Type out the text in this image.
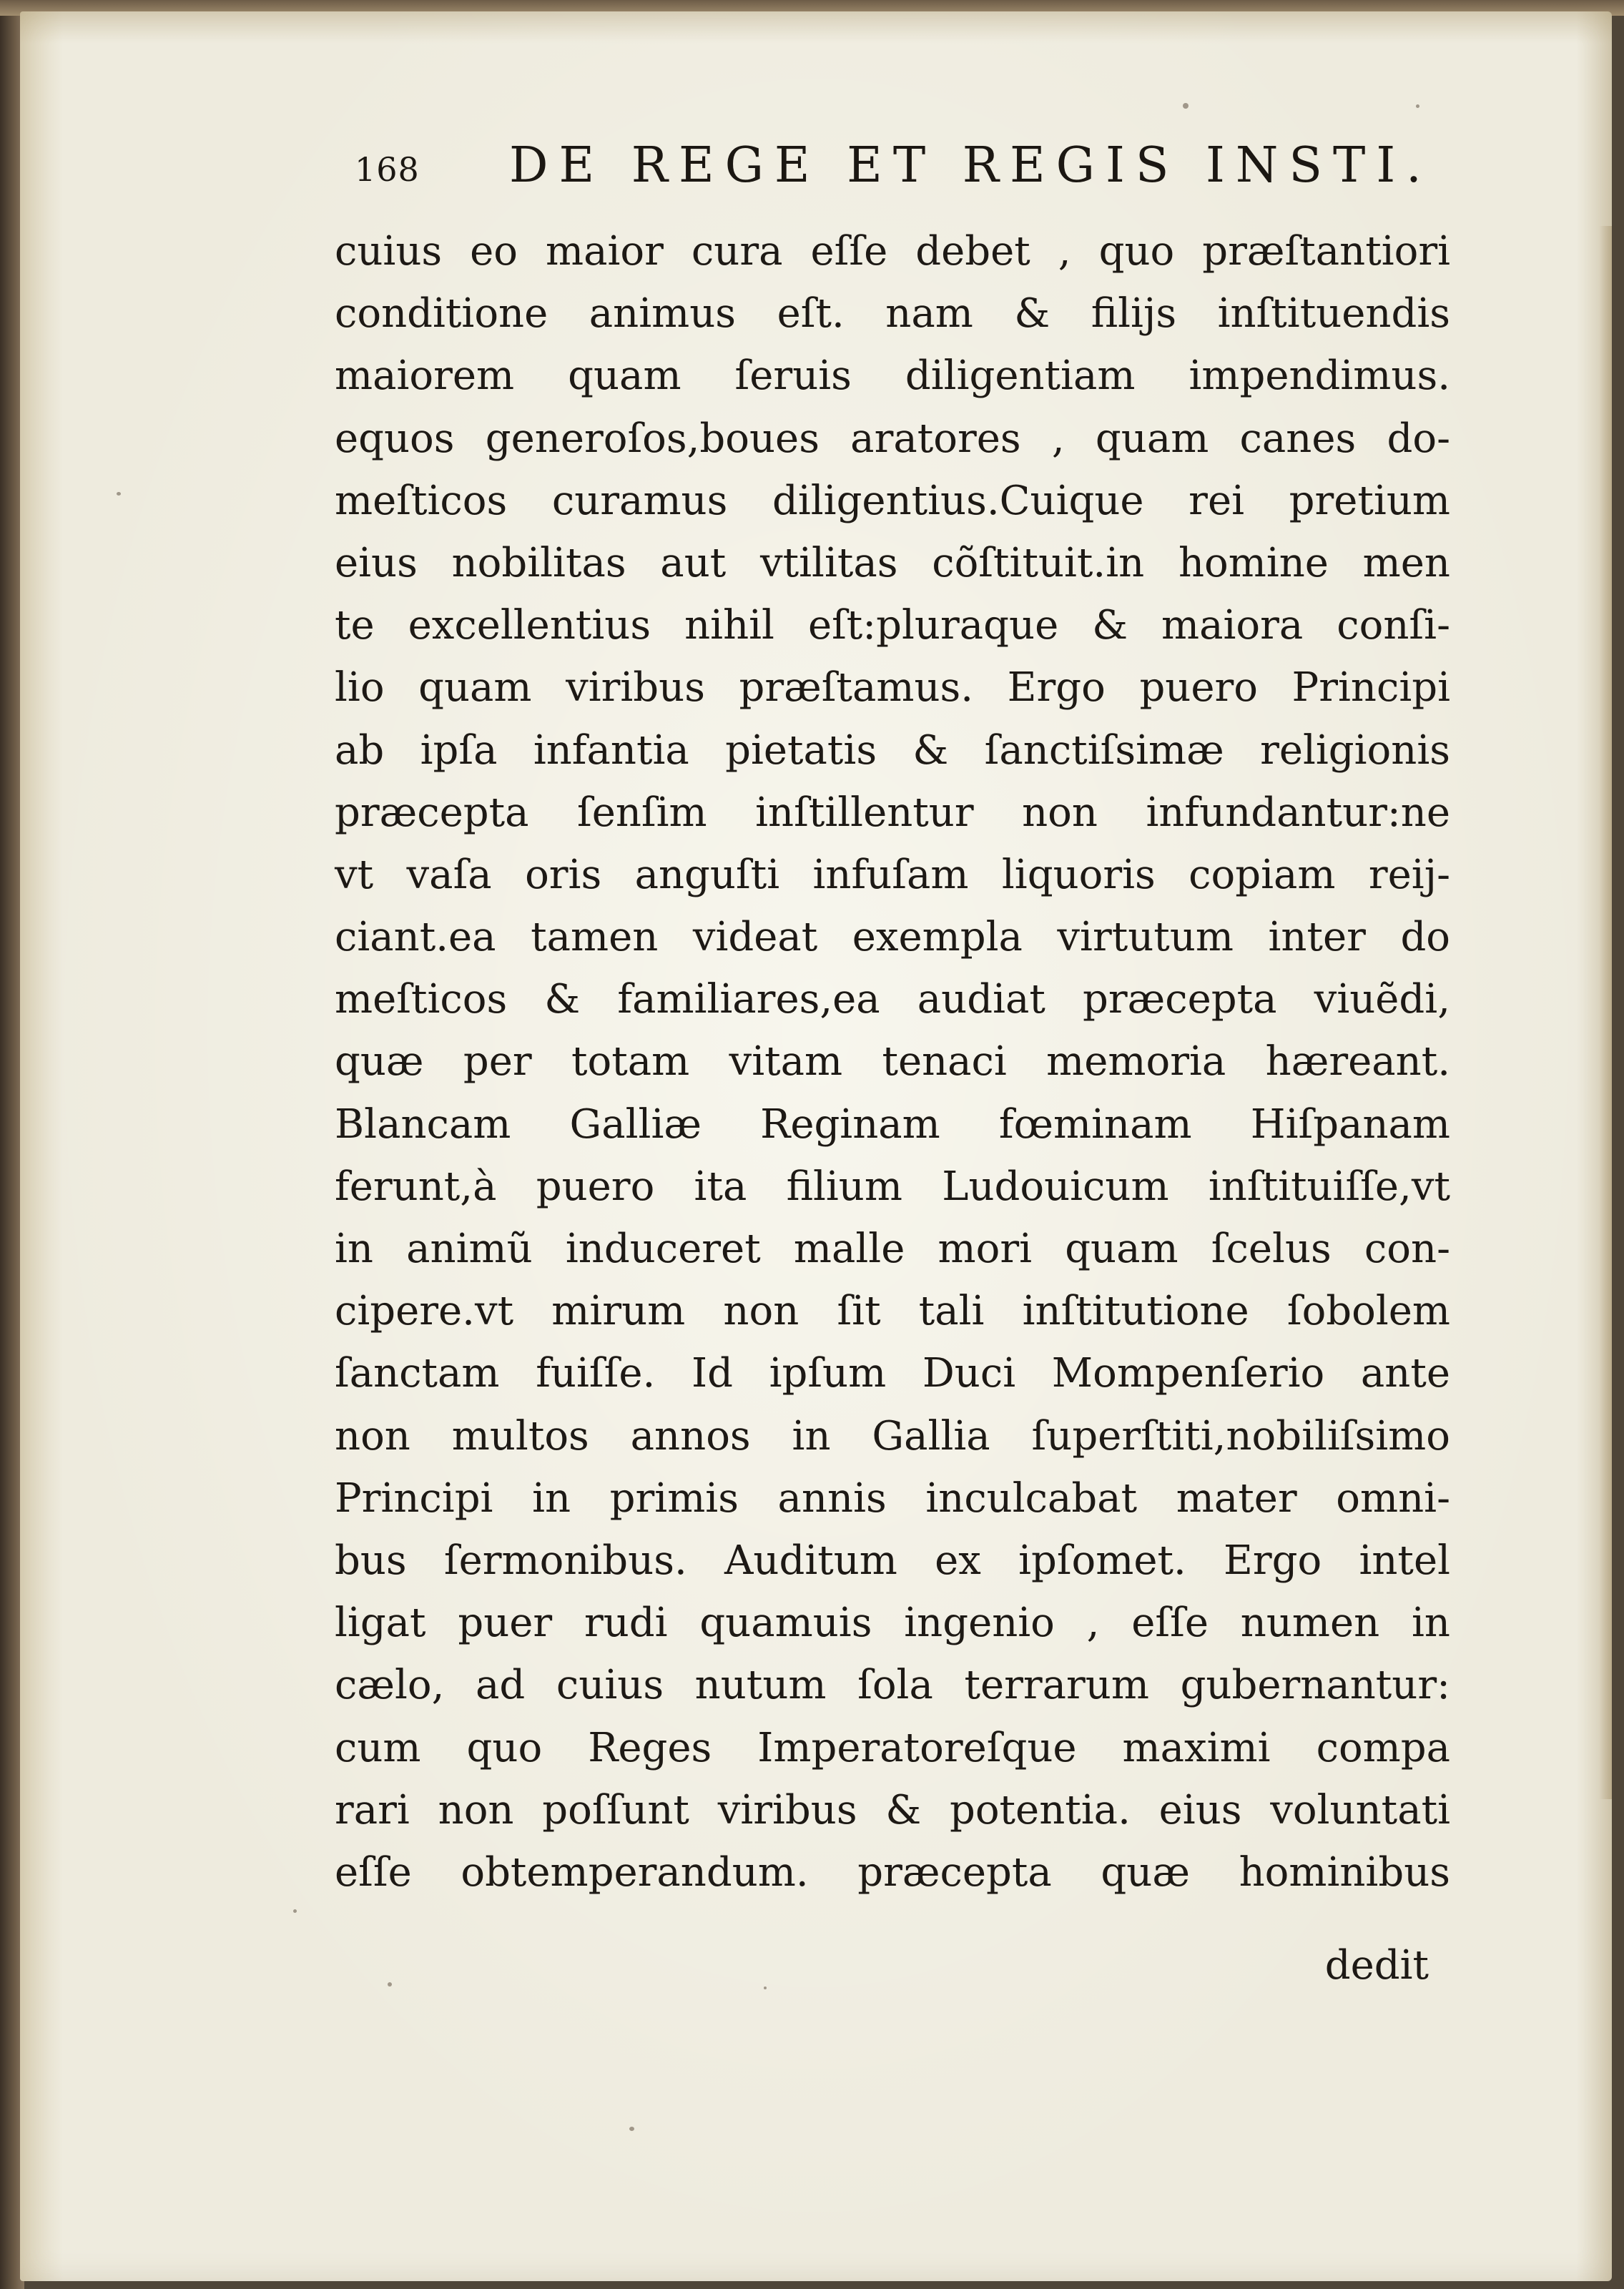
168 DE REGE ET REGIS INSTI.
cuius eo maior cura eſſe debet , quo præſtantiori
conditione animus eſt. nam & filijs inſtituendis
maiorem quam ſeruis diligentiam impendimus.
equos generoſos,boues aratores , quam canes do-
meſticos curamus diligentius.Cuique rei pretium
eius nobilitas aut vtilitas cõſtituit.in homine men
te excellentius nihil eſt:pluraque & maiora conſi-
lio quam viribus præſtamus. Ergo puero Principi
ab ipſa infantia pietatis & ſanctiſsimæ religionis
præcepta ſenſim inſtillentur non infundantur:ne
vt vaſa oris anguſti infuſam liquoris copiam reij-
ciant.ea tamen videat exempla virtutum inter do
meſticos & familiares,ea audiat præcepta viuẽdi,
quæ per totam vitam tenaci memoria hæreant.
Blancam Galliæ Reginam fœminam Hiſpanam
ferunt,à puero ita filium Ludouicum inſtituiſſe,vt
in animũ induceret malle mori quam ſcelus con-
cipere.vt mirum non ſit tali inſtitutione ſobolem
ſanctam fuiſſe. Id ipſum Duci Mompenſerio ante
non multos annos in Gallia ſuperſtiti,nobiliſsimo
Principi in primis annis inculcabat mater omni-
bus ſermonibus. Auditum ex ipſomet. Ergo intel
ligat puer rudi quamuis ingenio , eſſe numen in
cælo, ad cuius nutum ſola terrarum gubernantur:
cum quo Reges Imperatoreſque maximi compa
rari non poſſunt viribus & potentia. eius voluntati
eſſe obtemperandum. præcepta quæ hominibus
dedit
